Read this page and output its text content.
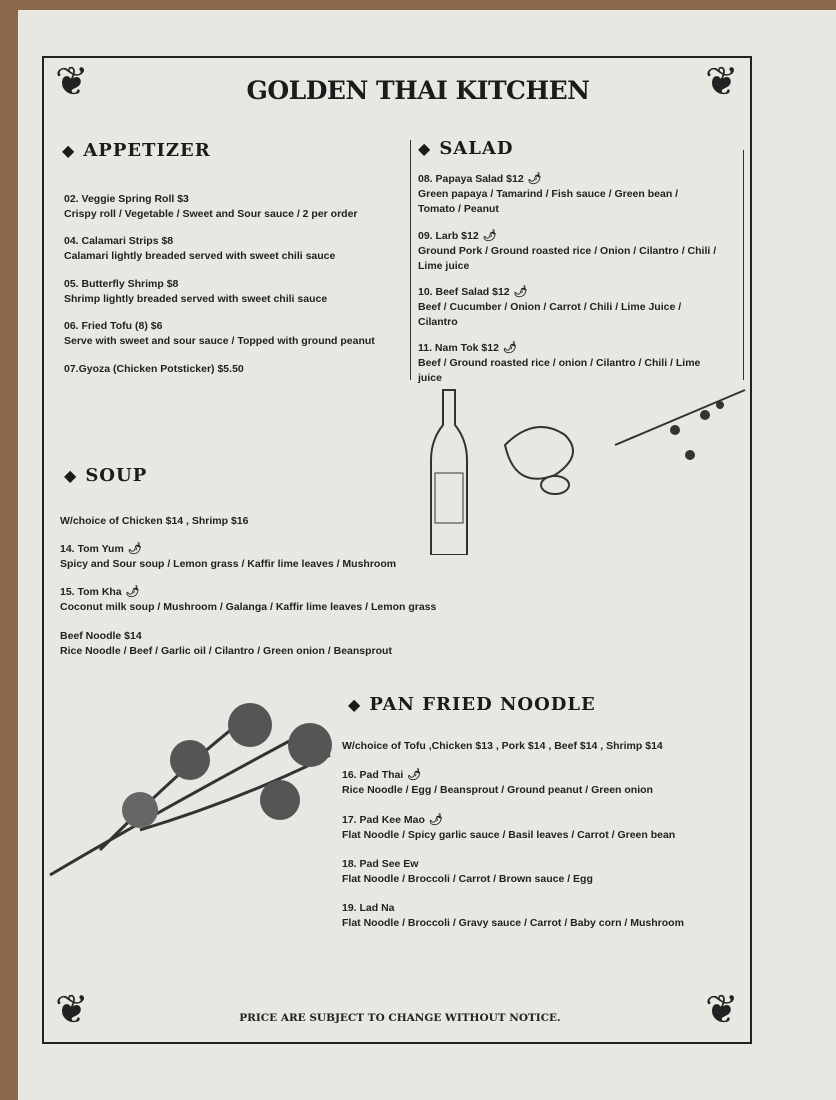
❦	❦
❦	❦
GOLDEN THAI KITCHEN
◆ APPETIZER
02. Veggie Spring Roll $3
Crispy roll / Vegetable / Sweet and Sour sauce / 2 per order
04. Calamari Strips $8
Calamari lightly breaded served with sweet chili sauce
05. Butterfly Shrimp $8
Shrimp lightly breaded served with sweet chili sauce
06. Fried Tofu (8) $6
Serve with sweet and sour sauce / Topped with ground peanut
07.Gyoza (Chicken Potsticker) $5.50
◆ SALAD
08. Papaya Salad $12 🌶
Green papaya / Tamarind / Fish sauce / Green bean /
Tomato / Peanut
09. Larb $12 🌶
Ground Pork / Ground roasted rice / Onion / Cilantro / Chili /
Lime juice
10. Beef Salad $12 🌶
Beef / Cucumber / Onion / Carrot / Chili / Lime Juice /
Cilantro
11. Nam Tok $12 🌶
Beef / Ground roasted rice / onion / Cilantro / Chili / Lime
juice
◆ SOUP
W/choice of Chicken $14 , Shrimp $16
14. Tom Yum 🌶
Spicy and Sour soup / Lemon grass / Kaffir lime leaves / Mushroom
15. Tom Kha 🌶
Coconut milk soup / Mushroom / Galanga / Kaffir lime leaves / Lemon grass
Beef Noodle $14
Rice Noodle / Beef / Garlic oil / Cilantro / Green onion / Beansprout
◆ PAN FRIED NOODLE
W/choice of Tofu ,Chicken $13 , Pork $14 , Beef $14 , Shrimp $14
16. Pad Thai 🌶
Rice Noodle / Egg / Beansprout / Ground peanut / Green onion
17. Pad Kee Mao 🌶
Flat Noodle / Spicy garlic sauce / Basil leaves / Carrot / Green bean
18. Pad See Ew
Flat Noodle / Broccoli / Carrot / Brown sauce / Egg
19. Lad Na
Flat Noodle / Broccoli / Gravy sauce / Carrot / Baby corn / Mushroom
PRICE ARE SUBJECT TO CHANGE WITHOUT NOTICE.
